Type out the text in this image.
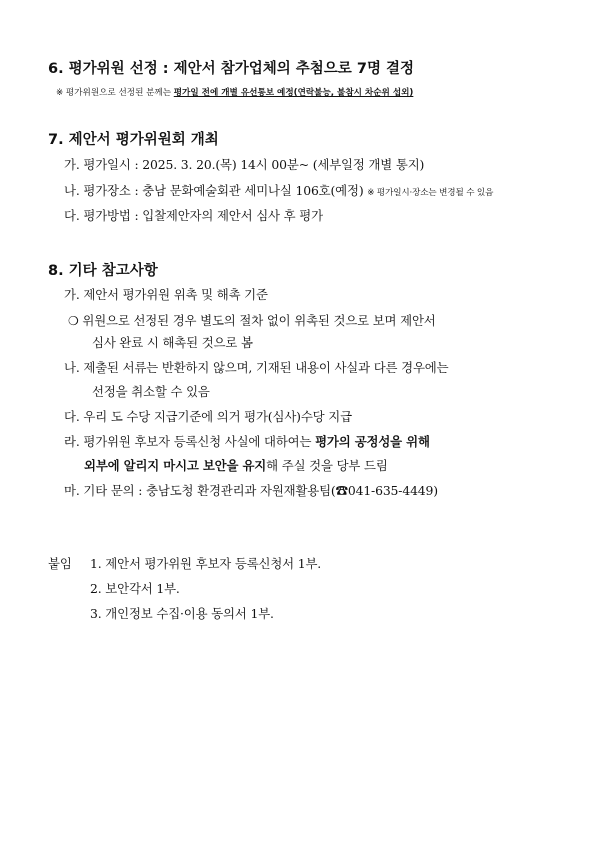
6. 평가위원 선정 : 제안서 참가업체의 추첨으로 7명 결정
※ 평가위원으로 선정된 분께는 평가일 전에 개별 유선통보 예정(연락불능, 불참시 차순위 섭외)
7. 제안서 평가위원회 개최
가. 평가일시 : 2025. 3. 20.(목) 14시 00분~ (세부일정 개별 통지)
나. 평가장소 : 충남 문화예술회관 세미나실 106호(예정) ※ 평가일시·장소는 변경될 수 있음
다. 평가방법 : 입찰제안자의 제안서 심사 후 평가
8. 기타 참고사항
가. 제안서 평가위원 위촉 및 해촉 기준
❍ 위원으로 선정된 경우 별도의 절차 없이 위촉된 것으로 보며 제안서
심사 완료 시 해촉된 것으로 봄
나. 제출된 서류는 반환하지 않으며, 기재된 내용이 사실과 다른 경우에는
선정을 취소할 수 있음
다. 우리 도 수당 지급기준에 의거 평가(심사)수당 지급
라. 평가위원 후보자 등록신청 사실에 대하여는 평가의 공정성을 위해
외부에 알리지 마시고 보안을 유지해 주실 것을 당부 드림
마. 기타 문의 : 충남도청 환경관리과 자원재활용팀(☎041-635-4449)
붙임 1. 제안서 평가위원 후보자 등록신청서 1부.
2. 보안각서 1부.
3. 개인정보 수집·이용 동의서 1부.
